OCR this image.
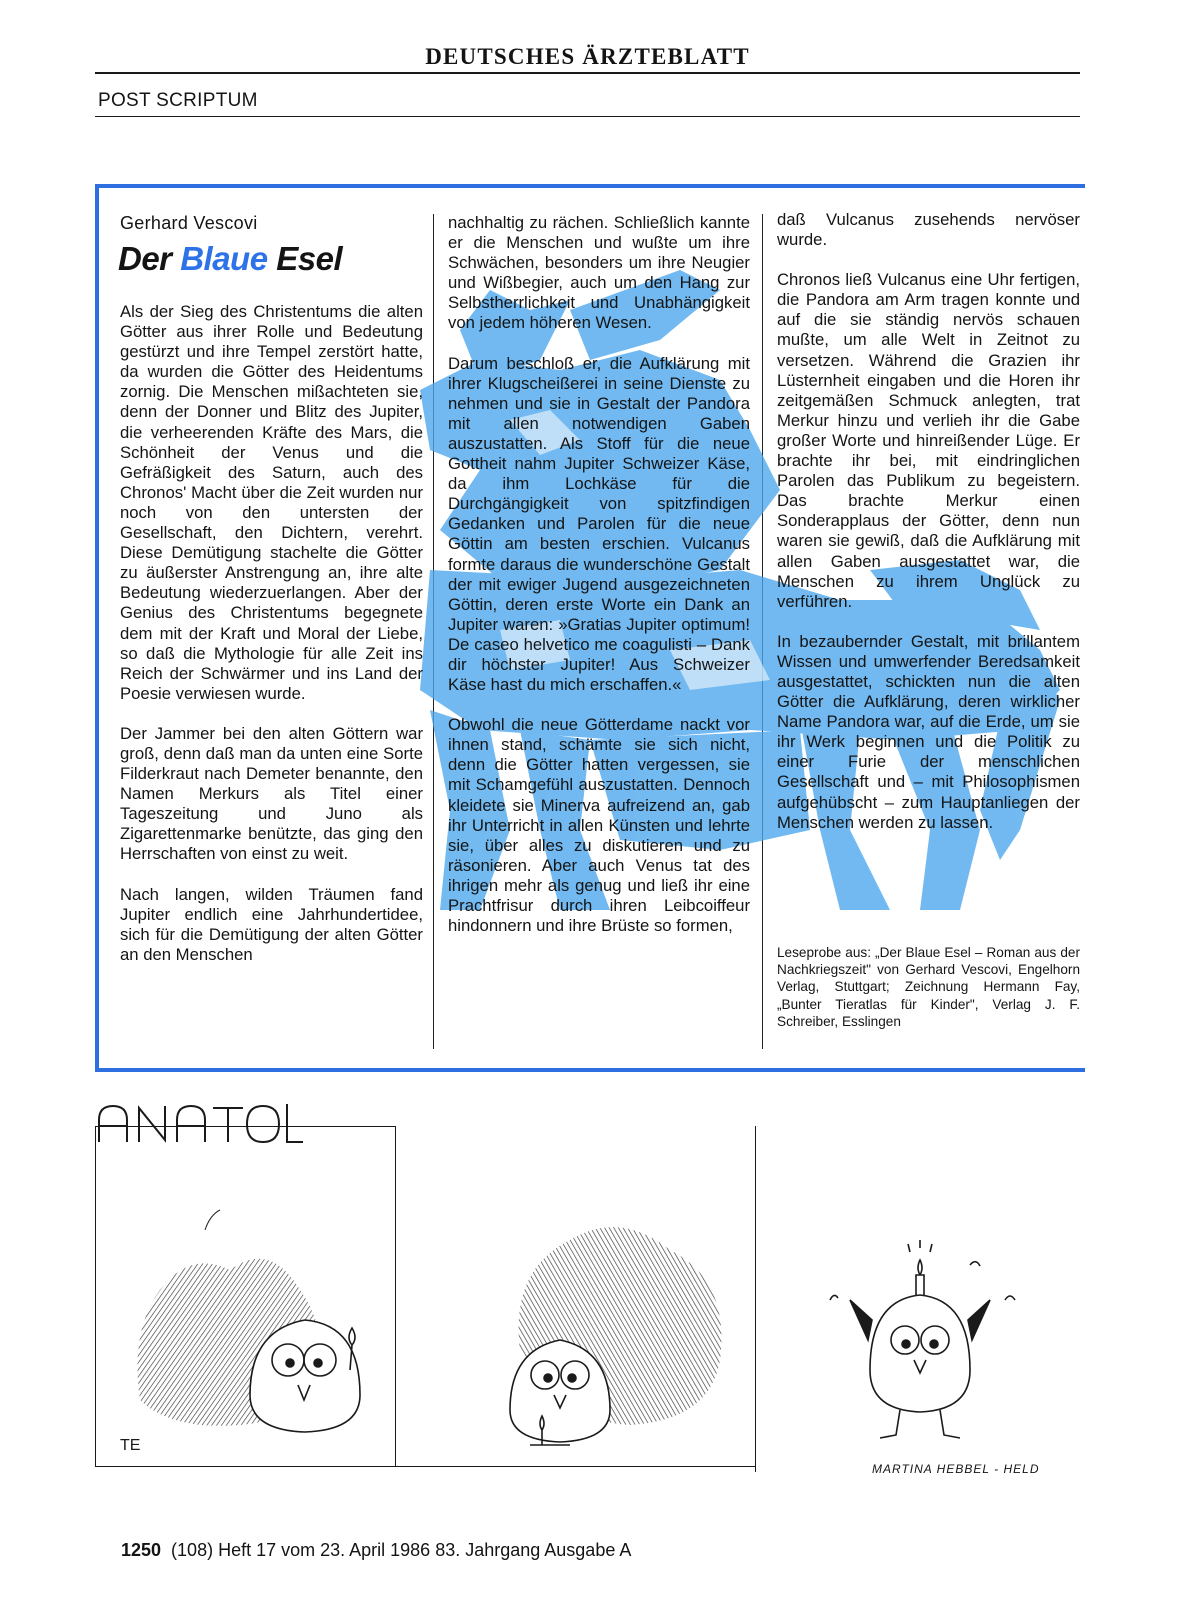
DEUTSCHES ÄRZTEBLATT
POST SCRIPTUM
Gerhard Vescovi
Der Blaue Esel

Als der Sieg des Christentums die alten Götter aus ihrer Rolle und Bedeutung gestürzt und ihre Tempel zerstört hatte, da wurden die Götter des Heidentums zornig. Die Menschen mißachteten sie, denn der Donner und Blitz des Jupiter, die verheerenden Kräfte des Mars, die Schönheit der Venus und die Gefräßigkeit des Saturn, auch des Chronos' Macht über die Zeit wurden nur noch von den untersten der Gesellschaft, den Dichtern, verehrt. Diese Demütigung stachelte die Götter zu äußerster Anstrengung an, ihre alte Bedeutung wiederzuerlangen. Aber der Genius des Christentums begegnete dem mit der Kraft und Moral der Liebe, so daß die Mythologie für alle Zeit ins Reich der Schwärmer und ins Land der Poesie verwiesen wurde.

Der Jammer bei den alten Göttern war groß, denn daß man da unten eine Sorte Filderkraut nach Demeter benannte, den Namen Merkurs als Titel einer Tageszeitung und Juno als Zigarettenmarke benützte, das ging den Herrschaften von einst zu weit.

Nach langen, wilden Träumen fand Jupiter endlich eine Jahrhundertidee, sich für die Demütigung der alten Götter an den Menschen

nachhaltig zu rächen. Schließlich kannte er die Menschen und wußte um ihre Schwächen, besonders um ihre Neugier und Wißbegier, auch um den Hang zur Selbstherrlichkeit und Unabhängigkeit von jedem höheren Wesen.

Darum beschloß er, die Aufklärung mit ihrer Klugscheißerei in seine Dienste zu nehmen und sie in Gestalt der Pandora mit allen notwendigen Gaben auszustatten. Als Stoff für die neue Gottheit nahm Jupiter Schweizer Käse, da ihm Lochkäse für die Durchgängigkeit von spitzfindigen Gedanken und Parolen für die neue Göttin am besten erschien. Vulcanus formte daraus die wunderschöne Gestalt der mit ewiger Jugend ausgezeichneten Göttin, deren erste Worte ein Dank an Jupiter waren: »Gratias Jupiter optimum! De caseo helvetico me coagulisti – Dank dir höchster Jupiter! Aus Schweizer Käse hast du mich erschaffen.«

Obwohl die neue Götterdame nackt vor ihnen stand, schämte sie sich nicht, denn die Götter hatten vergessen, sie mit Schamgefühl auszustatten. Dennoch kleidete sie Minerva aufreizend an, gab ihr Unterricht in allen Künsten und lehrte sie, über alles zu diskutieren und zu räsonieren. Aber auch Venus tat des ihrigen mehr als genug und ließ ihr eine Prachtfrisur durch ihren Leibcoiffeur hindonnern und ihre Brüste so formen,

daß Vulcanus zusehends nervöser wurde.

Chronos ließ Vulcanus eine Uhr fertigen, die Pandora am Arm tragen konnte und auf die sie ständig nervös schauen mußte, um alle Welt in Zeitnot zu versetzen. Während die Grazien ihr Lüsternheit eingaben und die Horen ihr zeitgemäßen Schmuck anlegten, trat Merkur hinzu und verlieh ihr die Gabe großer Worte und hinreißender Lüge. Er brachte ihr bei, mit eindringlichen Parolen das Publikum zu begeistern. Das brachte Merkur einen Sonderapplaus der Götter, denn nun waren sie gewiß, daß die Aufklärung mit allen Gaben ausgestattet war, die Menschen zu ihrem Unglück zu verführen.

In bezaubernder Gestalt, mit brillantem Wissen und umwerfender Beredsamkeit ausgestattet, schickten nun die alten Götter die Aufklärung, deren wirklicher Name Pandora war, auf die Erde, um sie ihr Werk beginnen und die Politik zu einer Furie der menschlichen Gesellschaft und – mit Philosophismen aufgehübscht – zum Hauptanliegen der Menschen werden zu lassen.

Leseprobe aus: „Der Blaue Esel – Roman aus der Nachkriegszeit" von Gerhard Vescovi, Engelhorn Verlag, Stuttgart; Zeichnung Hermann Fay, „Bunter Tieratlas für Kinder", Verlag J. F. Schreiber, Esslingen
ANATOL
TE
MARTINA HEBBEL - HELD
1250 (108) Heft 17 vom 23. April 1986 83. Jahrgang Ausgabe A
